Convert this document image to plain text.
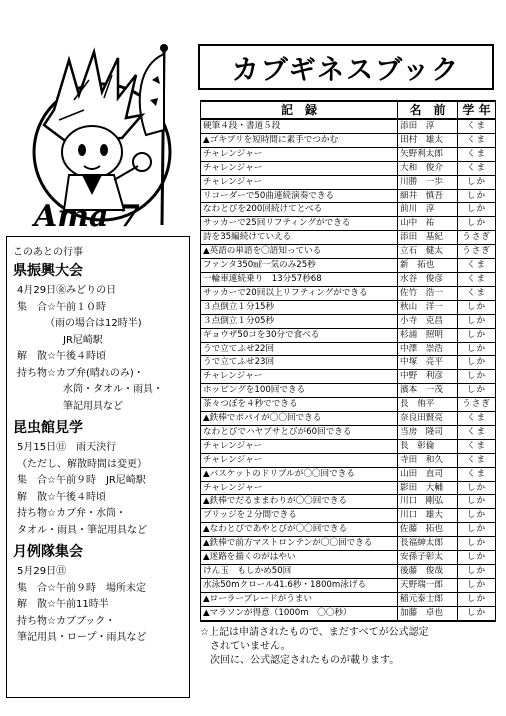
Ama 7
カブギネスブック
記　録	名　前	学 年
硬筆４段・書道５段	添田　淳	くま
▲ゴキブリを短時間に素手でつかむ	田村　雄太	くま
チャレンジャー	矢野利太郎	くま
チャレンジャー	大和　俊介	くま
チャレンジャー	川勝　一歩	しか
リコーダーで50曲連続演奏できる	細井　慎吾	しか
なわとびを200回続けてとべる	前川　淳	しか
サッカーで25回リフティングができる	山中　祐	しか
詩を35編続けていえる	添田　基紀	うさぎ
▲英語の単語を〇語知っている	立石　健太	うさぎ
ファンタ350㎖一気のみ25秒	新　拓也	くま
一輪車連続乗り　13分57秒68	水谷　俊彦	くま
サッカーで20回以上リフティングができる	佐竹　浩一	くま
３点倒立１分15秒	秋山　洋一	しか
３点倒立１分05秒	小寺　克昌	しか
ギョウザ50コを30分で食べる	杉浦　照明	しか
うで立てふせ22回	中澤　崇浩	しか
うで立てふせ23回	中塚　亮平	しか
チャレンジャー	中野　利彦	しか
ホッピングを100回できる	濱本　一茂	しか
茶々つぼを４秒でできる	長　侑平	うさぎ
▲鉄棒でポパイが〇〇回できる	奈良田賢亮	くま
なわとびでハヤブサとびが60回できる	当房　隆司	くま
チャレンジャー	長　彰倫	くま
チャレンジャー	寺田　和久	くま
▲バスケットのドリブルが〇〇回できる	山田　直司	くま
チャレンジャー	影田　大輔	しか
▲鉄棒でだるままわりが〇〇回できる	川口　剛弘	しか
ブリッジを２分間できる	川口　雄大	しか
▲なわとびであやとびが〇〇回できる	佐藤　拓也	しか
▲鉄棒で前方マストロンテンが〇〇回できる	長福紳太郎	しか
▲迷路を描くのがはやい	安孫子彰太	しか
けん玉　もしかめ50回	後藤　俊哉	しか
水泳50mクロール41.6秒・1800m泳げる	天野瑞一郎	しか
▲ローラーブレードがうまい	稲元泰士郎	しか
▲マラソンが得意（1000m　〇〇秒）	加藤　卓也	しか

☆上記は申請されたもので、まだすべてが公式認定

　されていません。

　次回に、公式認定されたものが載ります。

このあとの行事
県振興大会
4月29日㊎みどりの日
集　合☆午前１０時
（雨の場合は12時半)
JR尼崎駅
解　散☆午後４時頃
持ち物☆カブ弁(晴れのみ)・
水筒・タオル・雨具・
筆記用具など
昆虫館見学
5月15日㊐　雨天決行
（ただし、解散時間は変更）
集　合☆午前９時　JR尼崎駅
解　散☆午後４時頃
持ち物☆カブ弁・水筒・
タオル・雨具・筆記用具など
月例隊集会
5月29日㊐
集　合☆午前９時　場所未定
解　散☆午前11時半
持ち物☆カブブック・
筆記用具・ロープ・雨具など
